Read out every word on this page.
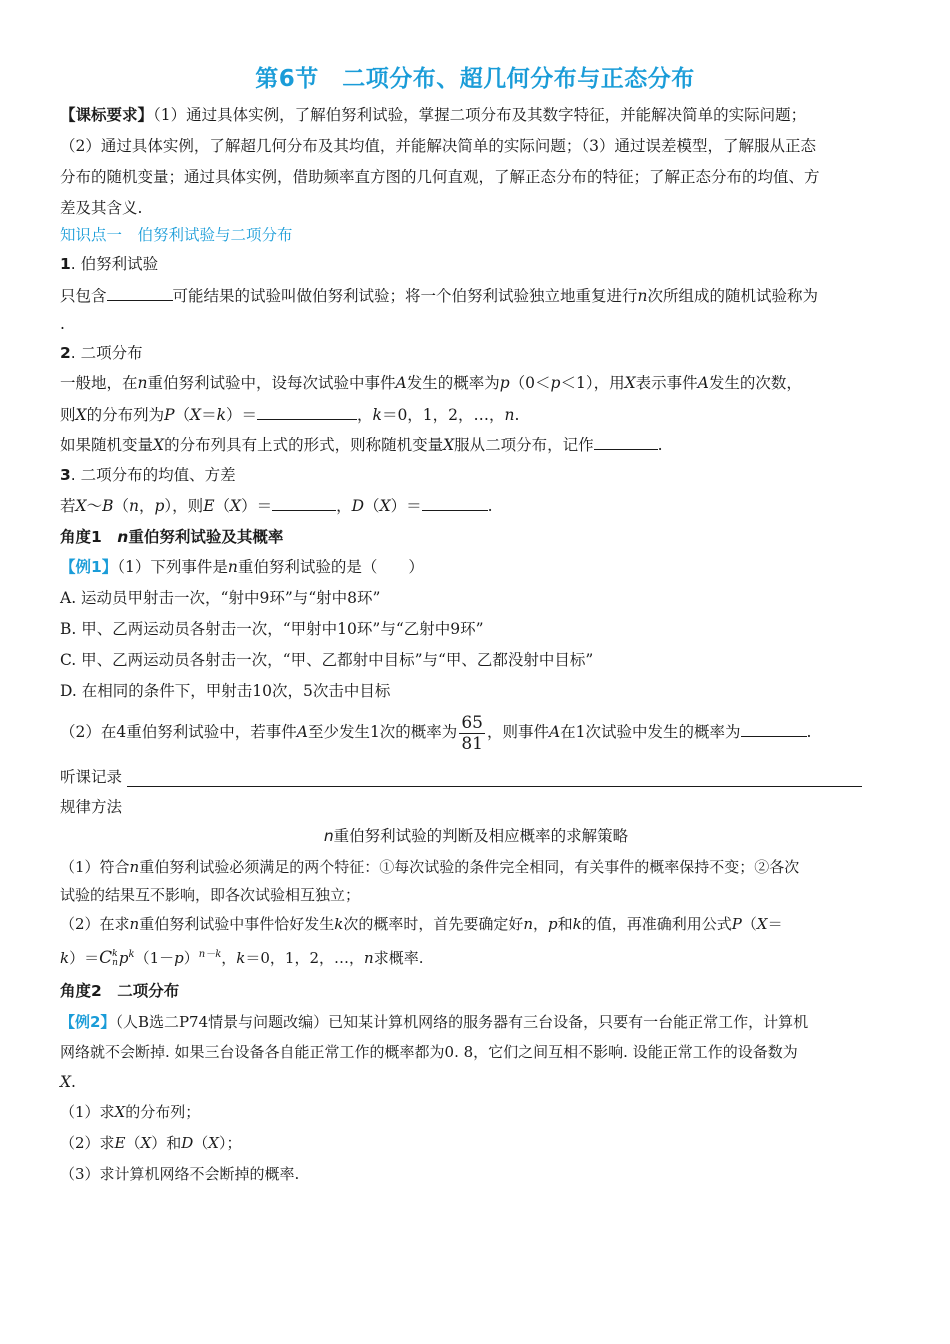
第6节　二项分布、超几何分布与正态分布
【课标要求】（1）通过具体实例，了解伯努利试验，掌握二项分布及其数字特征，并能解决简单的实际问题；
（2）通过具体实例，了解超几何分布及其均值，并能解决简单的实际问题；（3）通过误差模型，了解服从正态
分布的随机变量；通过具体实例，借助频率直方图的几何直观，了解正态分布的特征；了解正态分布的均值、方
差及其含义.
知识点一　伯努利试验与二项分布
1. 伯努利试验
只包含	可能结果的试验叫做伯努利试验；将一个伯努利试验独立地重复进行n次所组成的随机试验称为
.
2. 二项分布
一般地，在n重伯努利试验中，设每次试验中事件A发生的概率为p（0＜p＜1），用X表示事件A发生的次数，
则X的分布列为P（X＝k）＝	，k＝0，1，2，…，n.
如果随机变量X的分布列具有上式的形式，则称随机变量X服从二项分布，记作	.
3. 二项分布的均值、方差
若X～B（n，p），则E（X）＝	，D（X）＝	.
角度1　n重伯努利试验及其概率
【例1】（1）下列事件是n重伯努利试验的是（　　）
A. 运动员甲射击一次，“射中9环”与“射中8环”
B. 甲、乙两运动员各射击一次，“甲射中10环”与“乙射中9环”
C. 甲、乙两运动员各射击一次，“甲、乙都射中目标”与“甲、乙都没射中目标”
D. 在相同的条件下，甲射击10次，5次击中目标
（2）在4重伯努利试验中，若事件A至少发生1次的概率为 $\frac{65}{81}$ ，则事件A在1次试验中发生的概率为	.
听课记录
规律方法
n重伯努利试验的判断及相应概率的求解策略
（1）符合n重伯努利试验必须满足的两个特征：①每次试验的条件完全相同，有关事件的概率保持不变；②各次
试验的结果互不影响，即各次试验相互独立；
（2）在求n重伯努利试验中事件恰好发生k次的概率时，首先要确定好n，p和k的值，再准确利用公式P（X＝
k）＝C k
n $p^k(1-p)^{n-k}$，k＝0，1，2，…，n求概率.
角度2　二项分布
【例2】（人B选二P74情景与问题改编）已知某计算机网络的服务器有三台设备，只要有一台能正常工作，计算机
网络就不会断掉. 如果三台设备各自能正常工作的概率都为0. 8，它们之间互相不影响. 设能正常工作的设备数为
X.
（1）求X的分布列；
（2）求E（X）和D（X）；
（3）求计算机网络不会断掉的概率.
